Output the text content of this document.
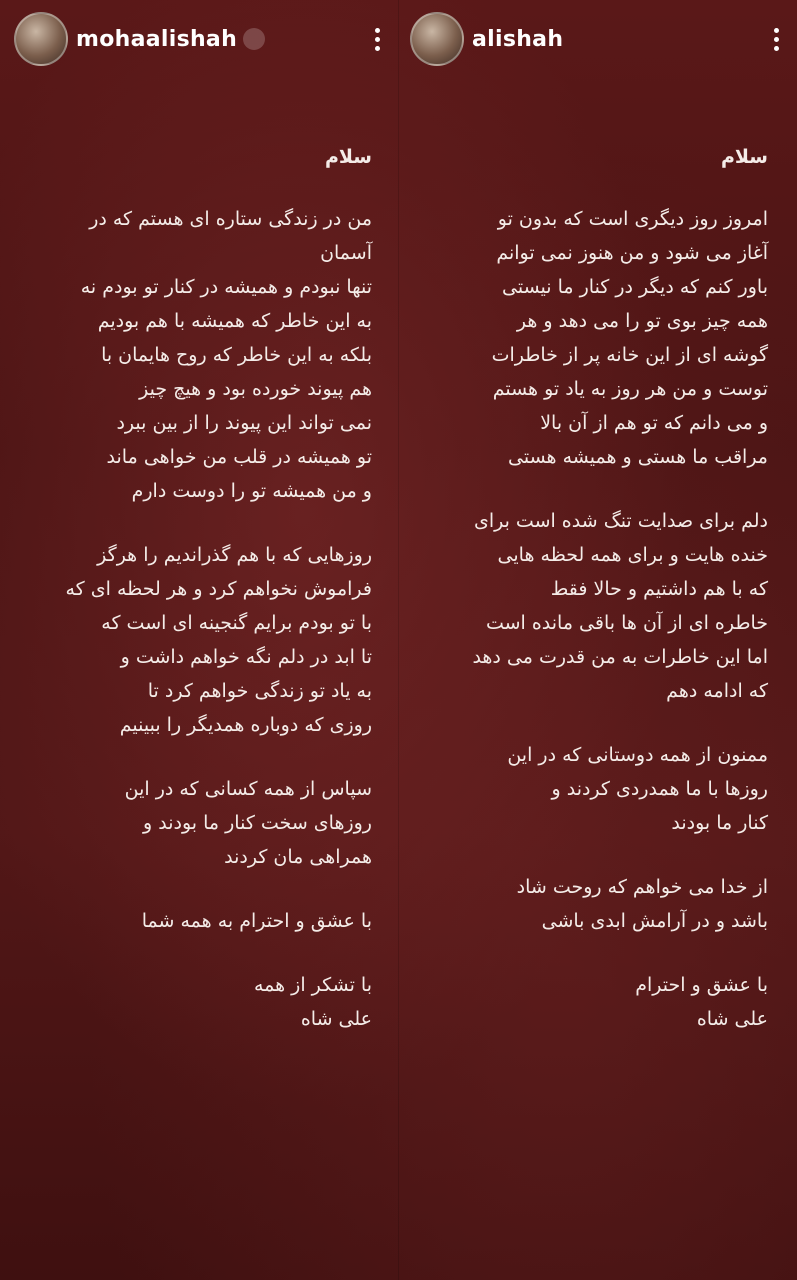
mohaalishah	alishah

سلام

من در زندگی ستاره ای هستم که در آسمان
تنها نبودم و همیشه در کنار تو بودم نه
به این خاطر که همیشه با هم بودیم
بلکه به این خاطر که روح هایمان با
هم پیوند خورده بود و هیچ چیز
نمی تواند این پیوند را از بین ببرد
تو همیشه در قلب من خواهی ماند
و من همیشه تو را دوست دارم

روزهایی که با هم گذراندیم را هرگز
فراموش نخواهم کرد و هر لحظه ای که
با تو بودم برایم گنجینه ای است که
تا ابد در دلم نگه خواهم داشت و
به یاد تو زندگی خواهم کرد تا
روزی که دوباره همدیگر را ببینیم

سپاس از همه کسانی که در این
روزهای سخت کنار ما بودند و
همراهی مان کردند

با عشق و احترام به همه شما

با تشکر از همه

علی شاه

سلام

امروز روز دیگری است که بدون تو
آغاز می شود و من هنوز نمی توانم
باور کنم که دیگر در کنار ما نیستی
همه چیز بوی تو را می دهد و هر
گوشه ای از این خانه پر از خاطرات
توست و من هر روز به یاد تو هستم
و می دانم که تو هم از آن بالا
مراقب ما هستی و همیشه هستی

دلم برای صدایت تنگ شده است برای
خنده هایت و برای همه لحظه هایی
که با هم داشتیم و حالا فقط
خاطره ای از آن ها باقی مانده است
اما این خاطرات به من قدرت می دهد
که ادامه دهم

ممنون از همه دوستانی که در این
روزها با ما همدردی کردند و
کنار ما بودند

از خدا می خواهم که روحت شاد
باشد و در آرامش ابدی باشی

با عشق و احترام

علی شاه
